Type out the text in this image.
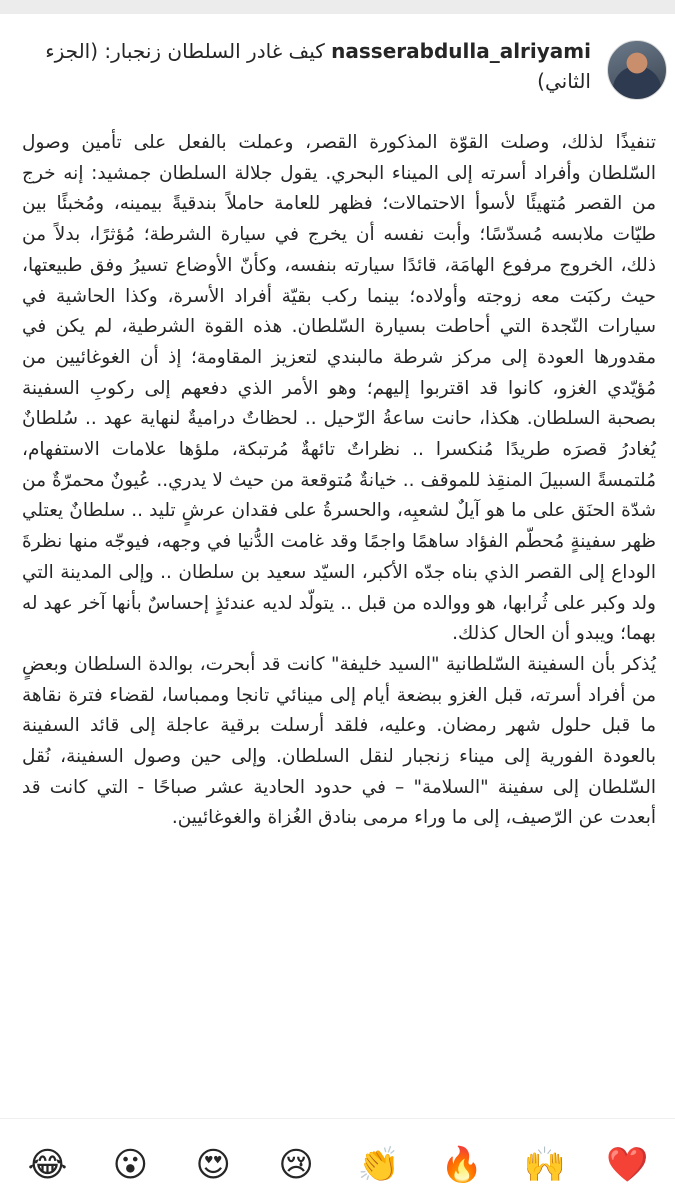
nasserabdulla_alriyami كيف غادر السلطان زنجبار: (الجزء الثاني)

تنفيذًا لذلك، وصلت القوّة المذكورة القصر، وعملت بالفعل على تأمين وصول السّلطان وأفراد أسرته إلى الميناء البحري. يقول جلالة السلطان جمشيد: إنه خرج من القصر مُتهيئًا لأسوأ الاحتمالات؛ فظهر للعامة حاملاً بندقيةً بيمينه، ومُخبئًا بين طيّات ملابسه مُسدّسًا؛ وأبت نفسه أن يخرج في سيارة الشرطة؛ مُؤثرًا، بدلاً من ذلك، الخروج مرفوع الهامَة، قائدًا سيارته بنفسه، وكأنّ الأوضاع تسيرُ وفق طبيعتها، حيث ركبَت معه زوجته وأولاده؛ بينما ركب بقيّة أفراد الأسرة، وكذا الحاشية في سيارات النّجدة التي أحاطت بسيارة السّلطان. هذه القوة الشرطية، لم يكن في مقدورها العودة إلى مركز شرطة مالبندي لتعزيز المقاومة؛ إذ أن الغوغائيين من مُؤيّدي الغزو، كانوا قد اقتربوا إليهم؛ وهو الأمر الذي دفعهم إلى ركوبِ السفينة بصحبة السلطان. هكذا، حانت ساعةُ الرّحيل .. لحظاتٌ دراميةٌ لنهاية عهد .. سُلطانٌ يُغادرُ قصرَه طريدًا مُنكسرا .. نظراتٌ تائهةٌ مُرتبكة، ملؤها علامات الاستفهام، مُلتمسةً السبيلَ المنقِذ للموقف .. خيانةٌ مُتوقعة من حيث لا يدري.. عُيونٌ محمرّةٌ من شدّة الحنَق على ما هو آيلٌ لشعبِه، والحسرةُ على فقدان عرشٍ تليد .. سلطانٌ يعتلي ظهر سفينةٍ مُحطّم الفؤاد ساهمًا واجمًا وقد غامت الدُّنيا في وجهه، فيوجّه منها نظرةَ الوداع إلى القصر الذي بناه جدّه الأكبر، السيّد سعيد بن سلطان .. وإلى المدينة التي ولد وكبر على ثُرابها، هو ووالده من قبل .. يتولّد لديه عندئذٍ إحساسٌ بأنها آخر عهد له بهما؛ ويبدو أن الحال كذلك.

يُذكر بأن السفينة السّلطانية "السيد خليفة" كانت قد أبحرت، بوالدة السلطان وبعضٍ من أفراد أسرته، قبل الغزو ببضعة أيام إلى مينائي تانجا وممباسا، لقضاء فترة نقاهة ما قبل حلول شهر رمضان. وعليه، فلقد أرسلت برقية عاجلة إلى قائد السفينة بالعودة الفورية إلى ميناء زنجبار لنقل السلطان. وإلى حين وصول السفينة، نُقل السّلطان إلى سفينة "السلامة" – في حدود الحادية عشر صباحًا - التي كانت قد أبعدت عن الرّصيف، إلى ما وراء مرمى بنادق الغُزاة والغوغائيين.

😂 😮 😍 😢 👏 🔥 🙌 ❤️
